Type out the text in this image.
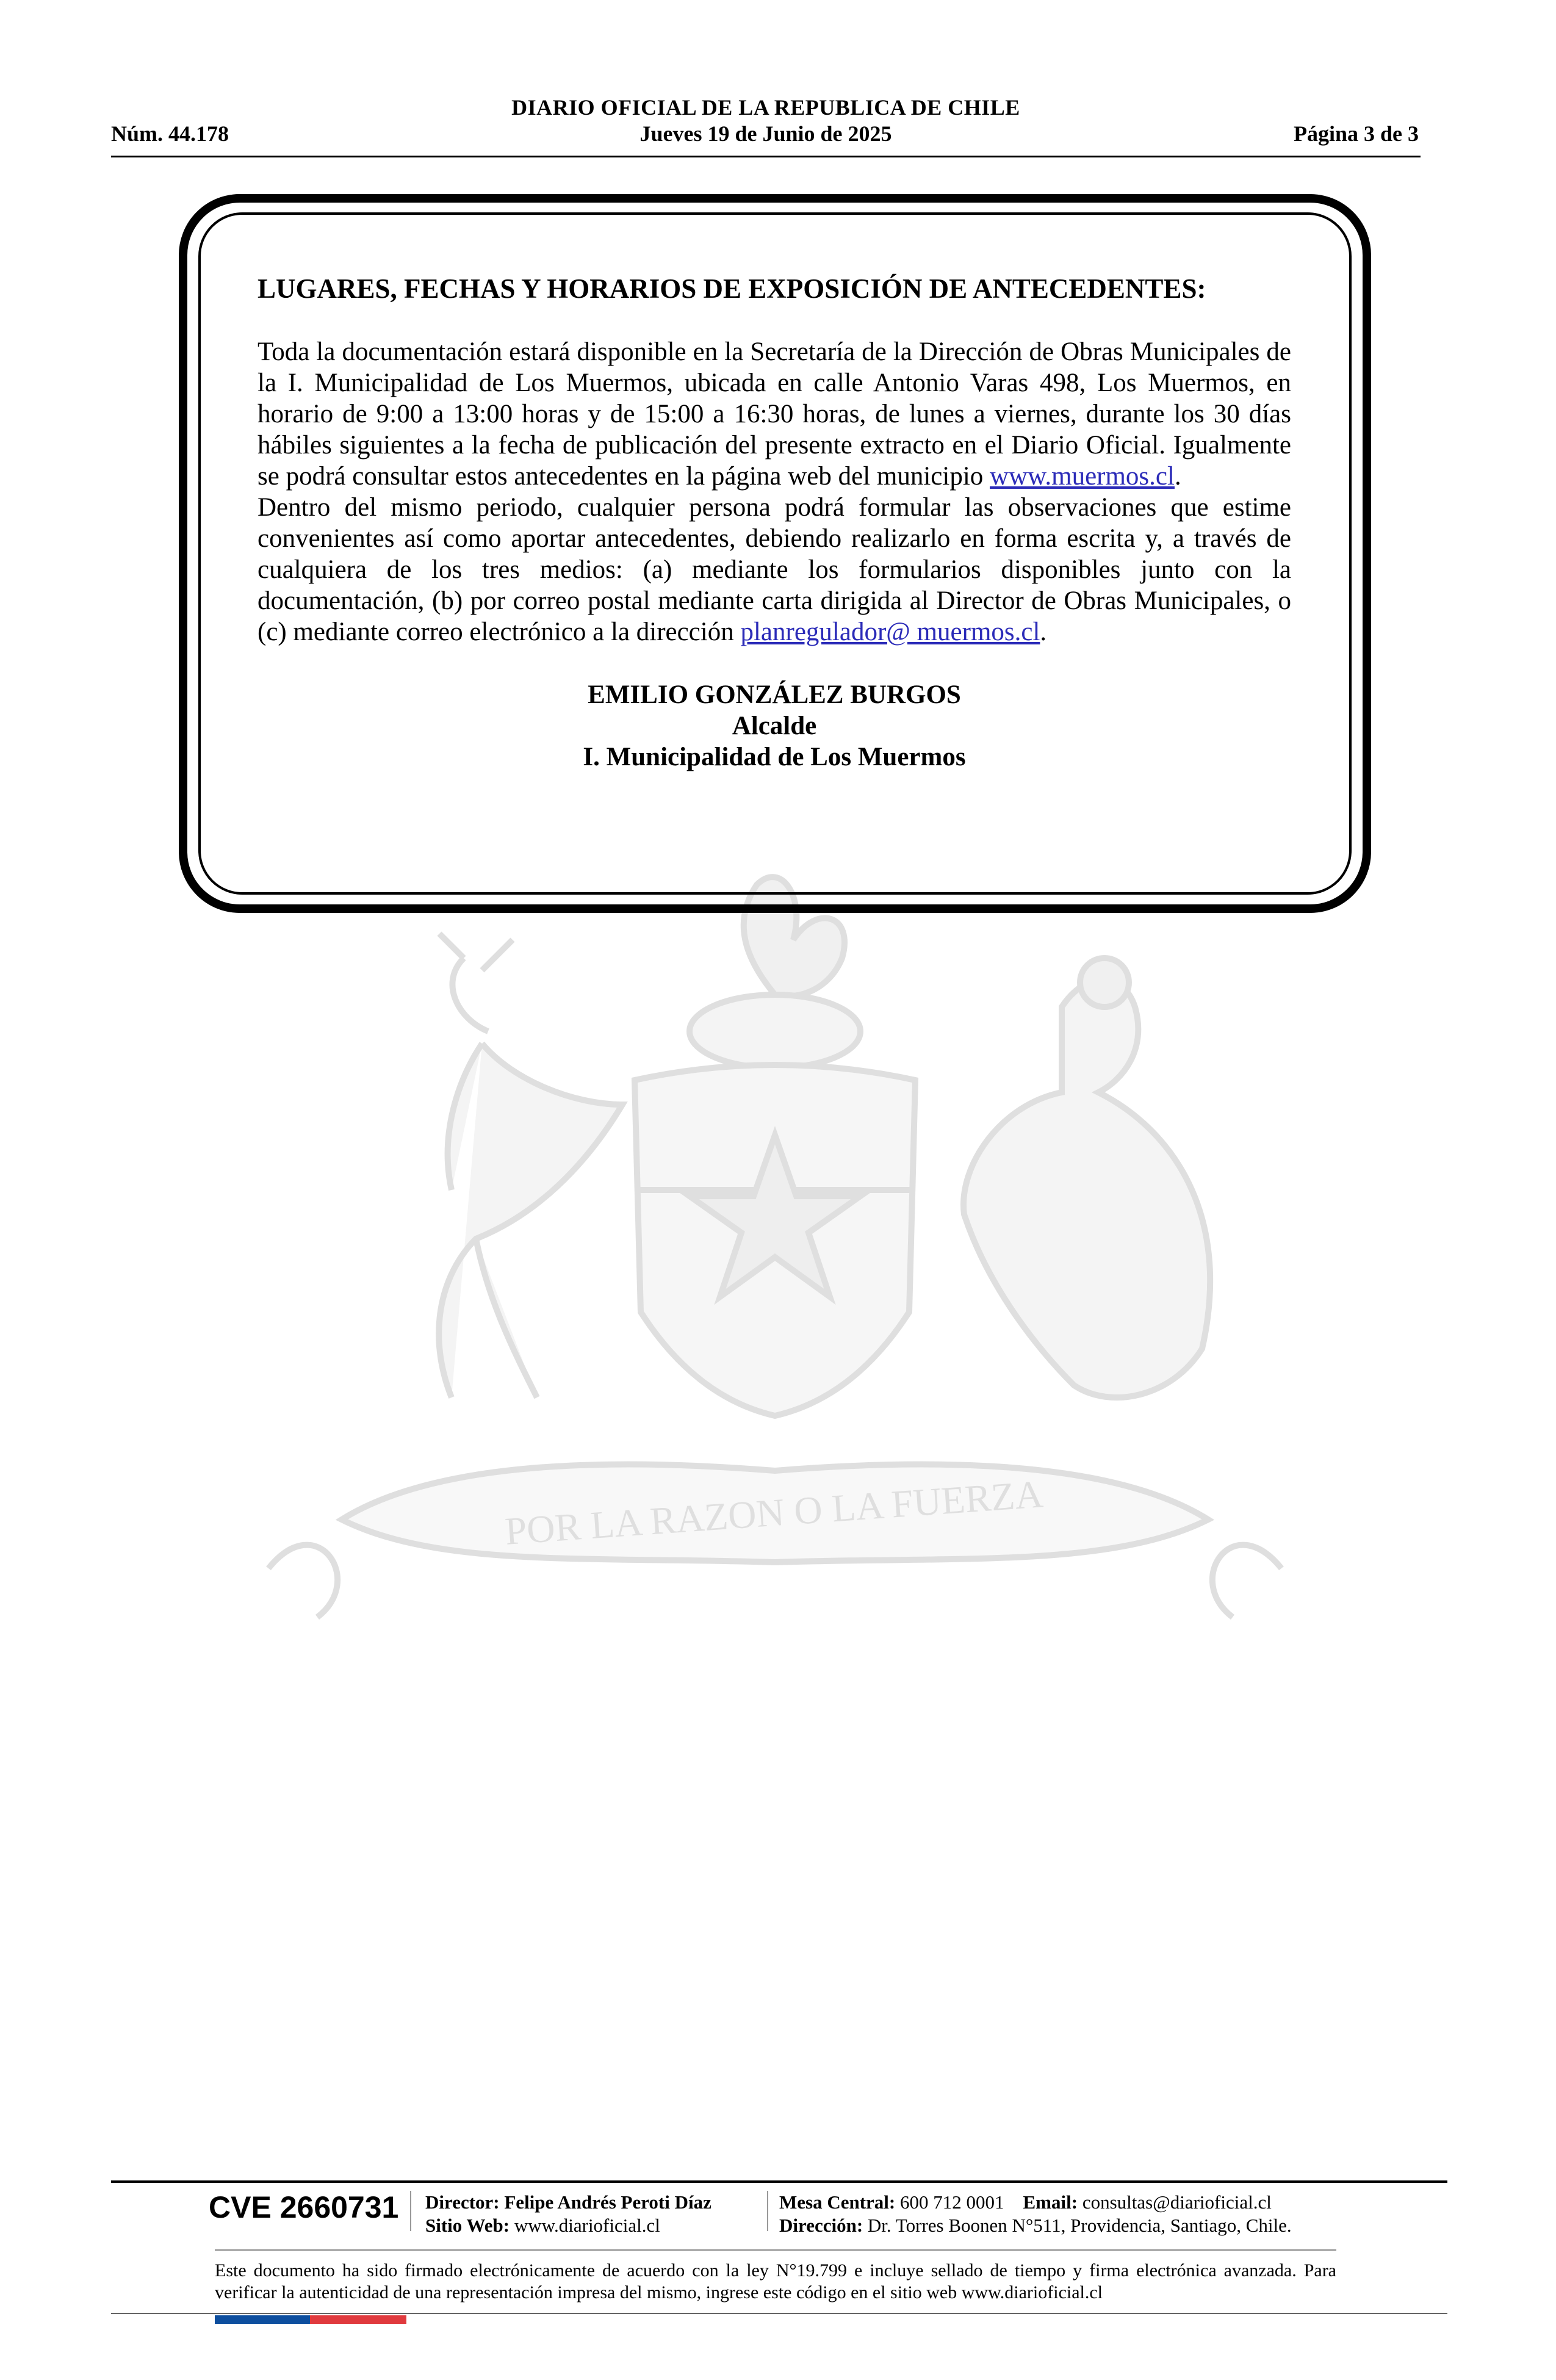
DIARIO OFICIAL DE LA REPUBLICA DE CHILE
Núm. 44.178	Jueves 19 de Junio de 2025	Página 3 de 3
POR LA RAZON O LA FUERZA

LUGARES, FECHAS Y HORARIOS DE EXPOSICIÓN DE ANTECEDENTES:

Toda la documentación estará disponible en la Secretaría de la Dirección de Obras Municipales de la I. Municipalidad de Los Muermos, ubicada en calle Antonio Varas 498, Los Muermos, en horario de 9:00 a 13:00 horas y de 15:00 a 16:30 horas, de lunes a viernes, durante los 30 días hábiles siguientes a la fecha de publicación del presente extracto en el Diario Oficial. Igualmente se podrá consultar estos antecedentes en la página web del municipio www.muermos.cl.

Dentro del mismo periodo, cualquier persona podrá formular las observaciones que estime convenientes así como aportar antecedentes, debiendo realizarlo en forma escrita y, a través de cualquiera de los tres medios: (a) mediante los formularios disponibles junto con la documentación, (b) por correo postal mediante carta dirigida al Director de Obras Municipales, o (c) mediante correo electrónico a la dirección planregulador@ muermos.cl.

EMILIO GONZÁLEZ BURGOS
Alcalde
I. Municipalidad de Los Muermos
CVE 2660731 Director: Felipe Andrés Peroti Díaz
Sitio Web: www.diarioficial.cl
Mesa Central: 600 712 0001 Email: consultas@diarioficial.cl
Dirección: Dr. Torres Boonen N°511, Providencia, Santiago, Chile.
Este documento ha sido firmado electrónicamente de acuerdo con la ley N°19.799 e incluye sellado de tiempo y firma electrónica avanzada. Para verificar la autenticidad de una representación impresa del mismo, ingrese este código en el sitio web www.diarioficial.cl
